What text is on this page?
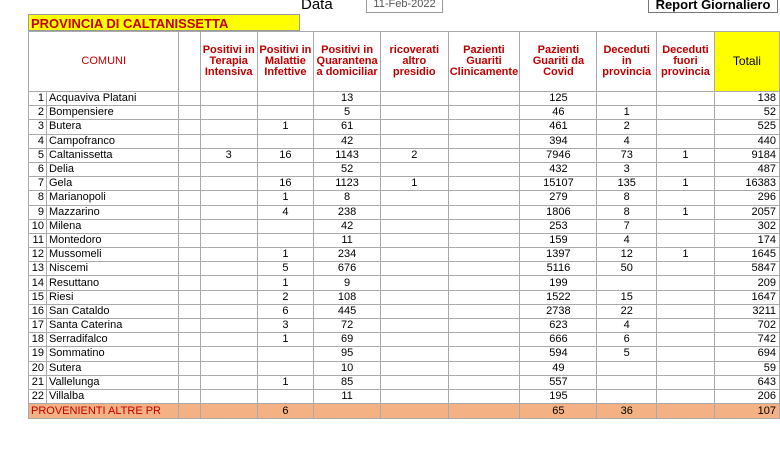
Data	11-Feb-2022	Report Giornaliero
PROVINCIA DI CALTANISSETTA
COMUNI			Positivi in Terapia Intensiva	Positivi in Malattie Infettive	Positivi in Quarantena a domiciliar	ricoverati altro presidio	Pazienti Guariti Clinicamente	Pazienti Guariti da Covid	Deceduti in provincia	Deceduti fuori provincia	Totali
1	Acquaviva Platani				13			125			138
2	Bompensiere				5			46	1		52
3	Butera			1	61			461	2		525
4	Campofranco				42			394	4		440
5	Caltanissetta		3	16	1143	2		7946	73	1	9184
6	Delia				52			432	3		487
7	Gela			16	1123	1		15107	135	1	16383
8	Marianopoli			1	8			279	8		296
9	Mazzarino			4	238			1806	8	1	2057
10	Milena				42			253	7		302
11	Montedoro				11			159	4		174
12	Mussomeli			1	234			1397	12	1	1645
13	Niscemi			5	676			5116	50		5847
14	Resuttano			1	9			199			209
15	Riesi			2	108			1522	15		1647
16	San Cataldo			6	445			2738	22		3211
17	Santa Caterina			3	72			623	4		702
18	Serradifalco			1	69			666	6		742
19	Sommatino				95			594	5		694
20	Sutera				10			49			59
21	Vallelunga			1	85			557			643
22	Villalba				11			195			206
PROVENIENTI ALTRE PR				6				65	36		107
